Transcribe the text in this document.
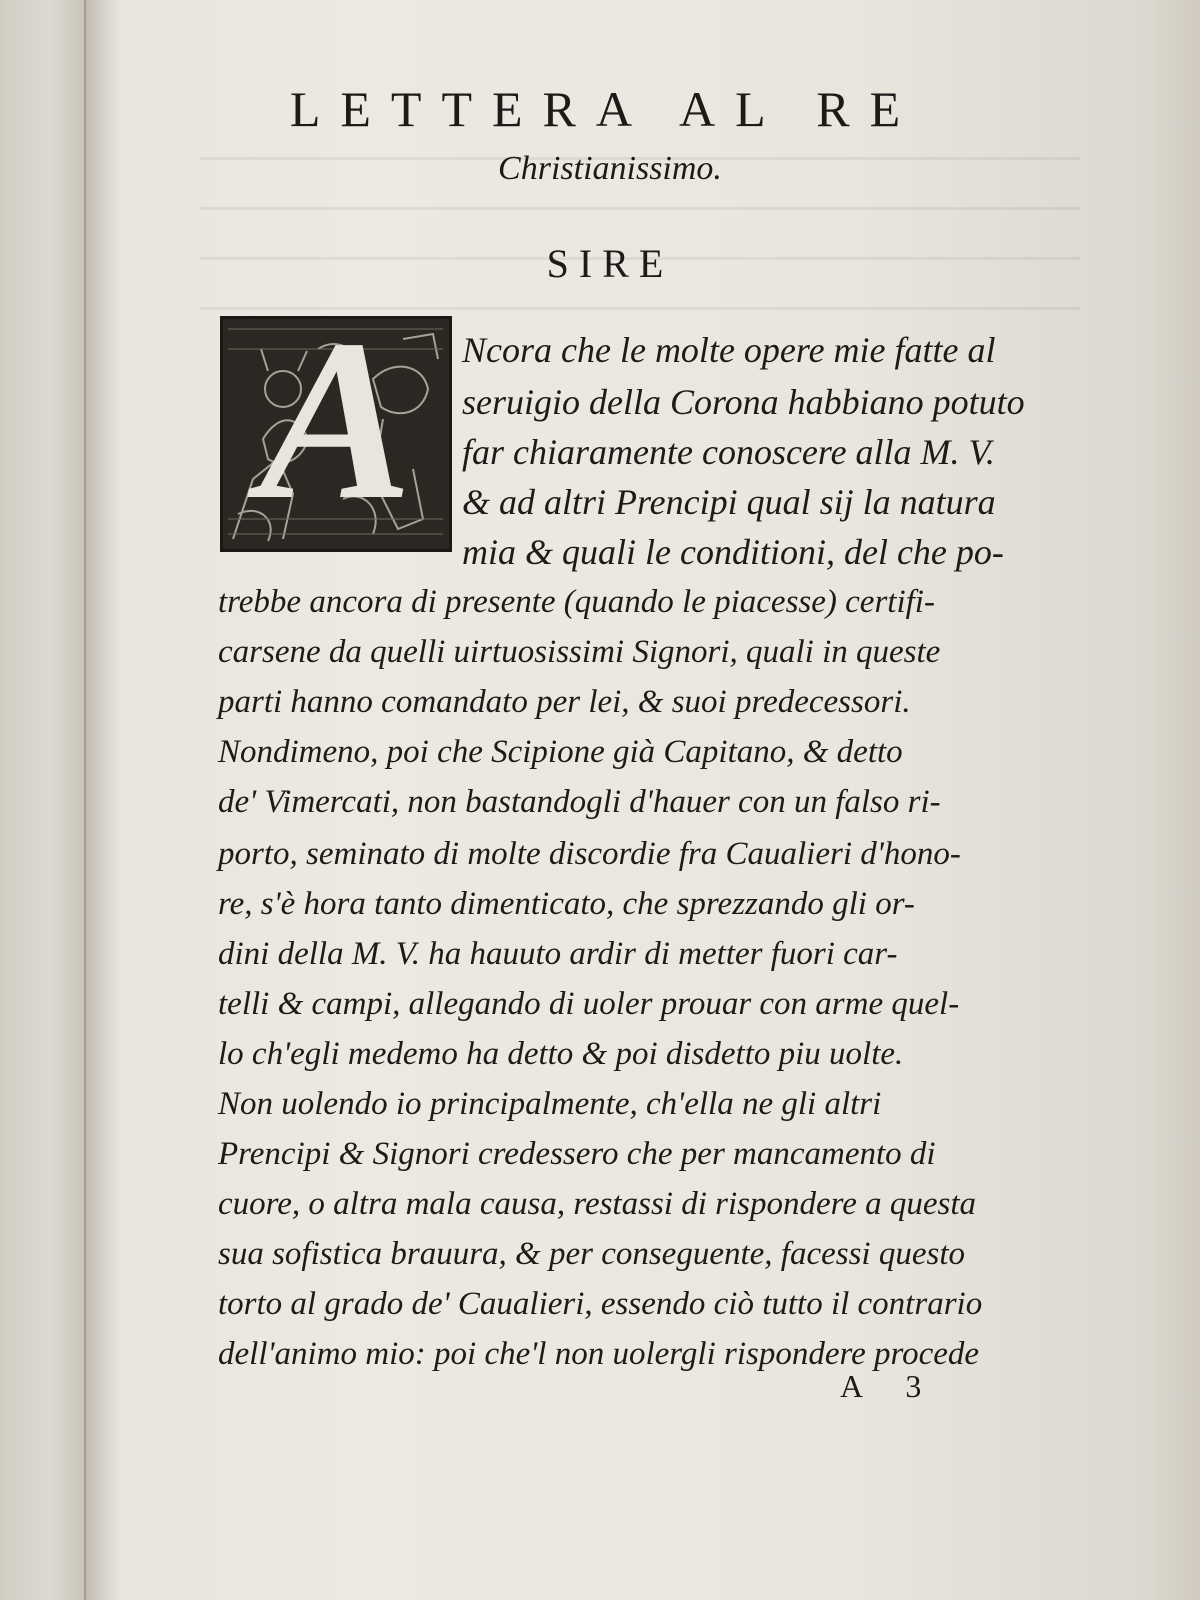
LETTERA AL RE
Christianissimo.
SIRE
A	Ncora che le molte opere mie fatte al
seruigio della Corona habbiano potuto
far chiaramente conoscere alla M. V.
& ad altri Prencipi qual sij la natura
mia & quali le conditioni, del che po-
trebbe ancora di presente (quando le piacesse) certifi-
carsene da quelli uirtuosissimi Signori, quali in queste
parti hanno comandato per lei, & suoi predecessori.
Nondimeno, poi che Scipione già Capitano, & detto
de' Vimercati, non bastandogli d'hauer con un falso ri-
porto, seminato di molte discordie fra Caualieri d'hono-
re, s'è hora tanto dimenticato, che sprezzando gli or-
dini della M. V. ha hauuto ardir di metter fuori car-
telli & campi, allegando di uoler prouar con arme quel-
lo ch'egli medemo ha detto & poi disdetto piu uolte.
Non uolendo io principalmente, ch'ella ne gli altri
Prencipi & Signori credessero che per mancamento di
cuore, o altra mala causa, restassi di rispondere a questa
sua sofistica brauura, & per conseguente, facessi questo
torto al grado de' Caualieri, essendo ciò tutto il contrario
dell'animo mio: poi che'l non uolergli rispondere procede
A 3
